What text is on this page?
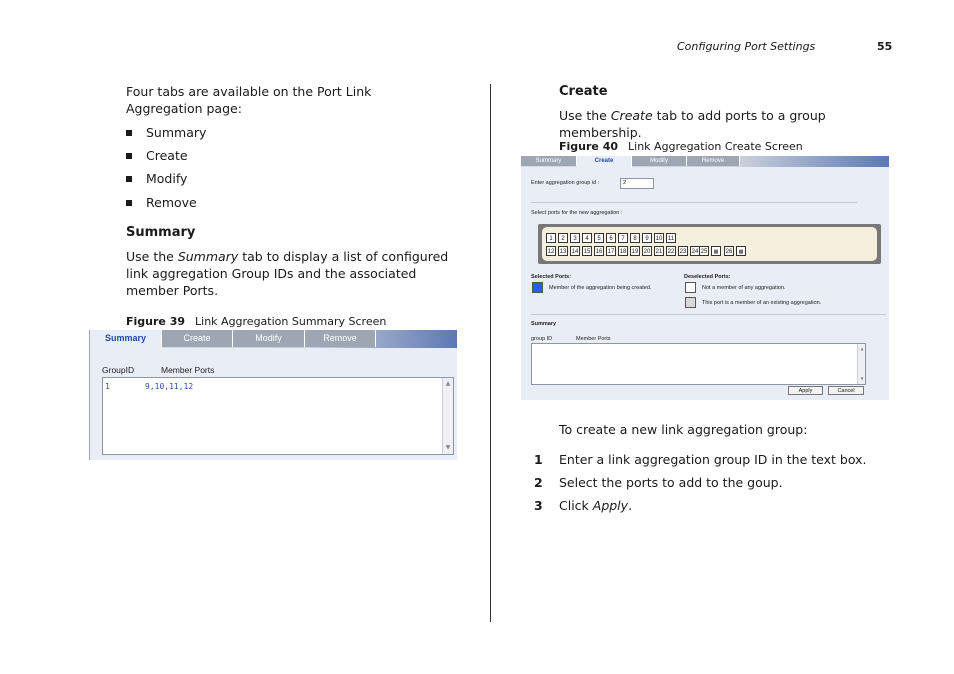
Configuring Port Settings	55
Four tabs are available on the Port Link Aggregation page:
Summary
Create
Modify
Remove
Summary
Use the Summary tab to display a list of configured link aggregation Group IDs and the associated member Ports.
Figure 39 Link Aggregation Summary Screen
Summary	Create	Modify	Remove
GroupID	Member Ports
1	9,10,11,12	▲
▼
Create
Use the Create tab to add ports to a group membership.
Figure 40 Link Aggregation Create Screen
Summary	Create	Modify	Remove
Enter aggregation group id :	2
Select ports for the new aggregation :
1	2	3	4	5	6	7	8	9	10 11
12 13 14 15 16 17 18 19 20 21 22 23 24 25	▦	26	▦
Selected Ports:
Member of the aggregation being created.
Deselected Ports:
Not a member of any aggregation.
This port is a member of an existing aggregation.
Summary
group ID	Member Ports
▲
▼
Apply	Cancel
To create a new link aggregation group:
1 Enter a link aggregation group ID in the text box.
2 Select the ports to add to the goup.
3 Click Apply.
